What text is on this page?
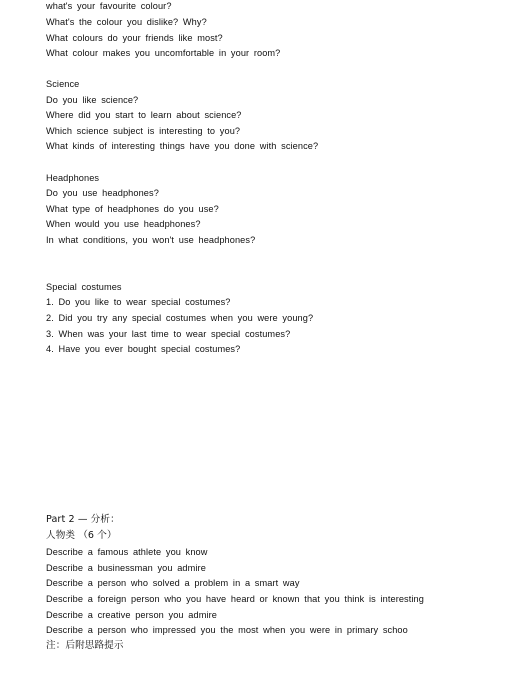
what's your favourite colour?
What's the colour you dislike? Why?
What colours do your friends like most?
What colour makes you uncomfortable in your room?
Science
Do you like science?
Where did you start to learn about science?
Which science subject is interesting to you?
What kinds of interesting things have you done with science?
Headphones
Do you use headphones?
What type of headphones do you use?
When would you use headphones?
In what conditions, you won't use headphones?
Special costumes
1. Do you like to wear special costumes?
2. Did you try any special costumes when you were young?
3. When was your last time to wear special costumes?
4. Have you ever bought special costumes?
Part 2 — 分析：
人物类 （6 个）
Describe a famous athlete you know
Describe a businessman you admire
Describe a person who solved a problem in a smart way
Describe a foreign person who you have heard or known that you think is interesting
Describe a creative person you admire
Describe a person who impressed you the most when you were in primary schoo
注：后附思路提示
